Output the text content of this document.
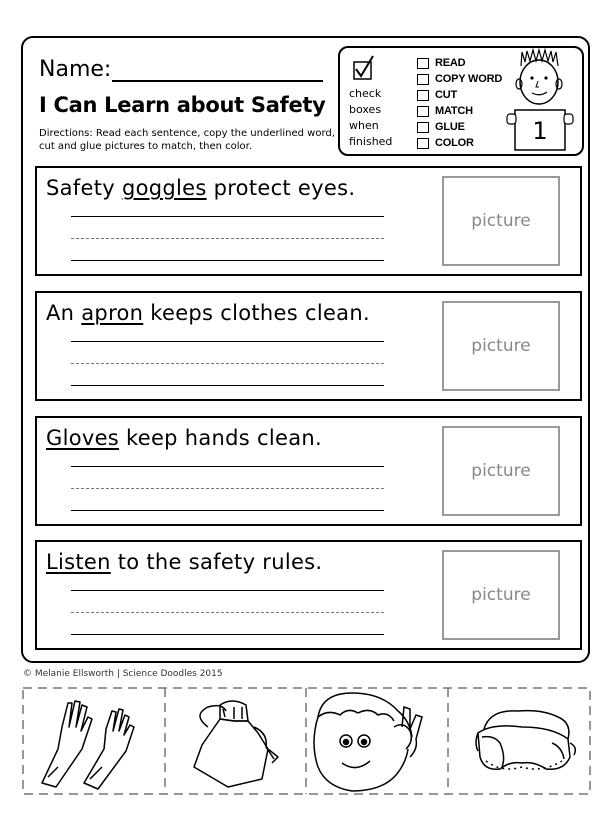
Name:
I Can Learn about Safety
Directions: Read each sentence, copy the underlined word, cut and glue pictures to match, then color.
check
boxes
when
finished
READ
COPY WORD
CUT
MATCH
GLUE
COLOR 1
Safety goggles protect eyes.
picture
An apron keeps clothes clean.
picture
Gloves keep hands clean.
picture
Listen to the safety rules.
picture
© Melanie Ellsworth | Science Doodles 2015
